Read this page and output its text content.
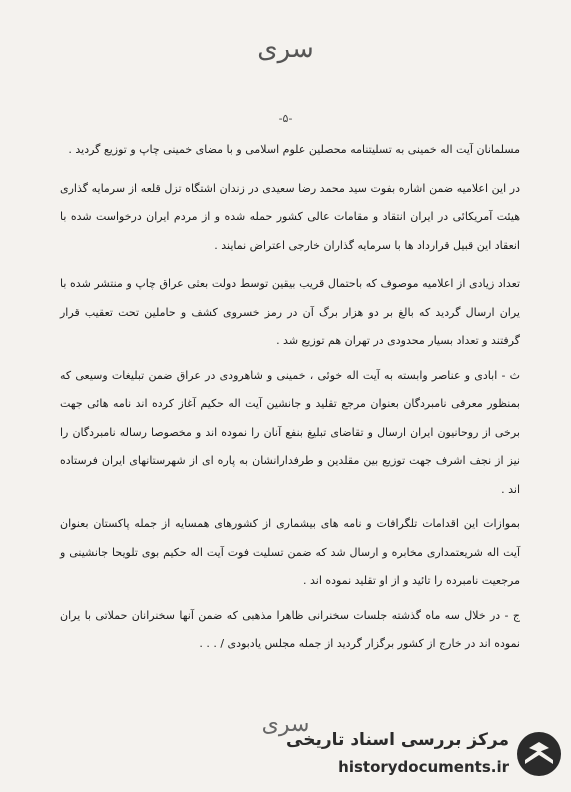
سری
-۵-

مسلمانان آیت اله خمینی به تسلیتنامه محصلین علوم اسلامی و با مضای خمینی چاپ و توزیع گردید .

در این اعلامیه ضمن اشاره بفوت سید محمد رضا سعیدی در زندان اشتگاه تزل قلعه از سرمایه گذاری هیئت آمریکائی در ایران انتقاد و مقامات عالی کشور حمله شده و از مردم ایران درخواست شده با انعقاد این قبیل قرارداد ها با سرمایه گذاران خارجی اعتراض نمایند .

تعداد زیادی از اعلامیه موصوف که باحتمال قریب بیقین توسط دولت بعثی عراق چاپ و منتشر شده با یران ارسال گردید که بالغ بر دو هزار برگ آن در رمز خسروی کشف و حاملین تحت تعقیب قرار گرفتند و تعداد بسیار محدودی در تهران هم توزیع شد .

ث - ابادی و عناصر وابسته به آیت اله خوئی ، خمینی و شاهرودی در عراق ضمن تبلیغات وسیعی که بمنظور معرفی نامبردگان بعنوان مرجع تقلید و جانشین آیت اله حکیم آغاز کرده اند نامه هائی جهت برخی از روحانیون ایران ارسال و تقاضای تبلیغ بنفع آنان را نموده اند و مخصوصا رساله نامبردگان را نیز از نجف اشرف جهت توزیع بین مقلدین و طرفدارانشان به پاره ای از شهرستانهای ایران فرستاده اند .

بموازات این اقدامات تلگرافات و نامه های بیشماری از کشورهای همسایه از جمله پاکستان بعنوان آیت اله شریعتمداری مخابره و ارسال شد که ضمن تسلیت فوت آیت اله حکیم بوی تلویحا جانشینی و مرجعیت نامبرده را تائید و از او تقلید نموده اند .

ج - در خلال سه ماه گذشته جلسات سخنرانی ظاهرا مذهبی که ضمن آنها سخنرانان حملاتی با یران نموده اند در خارج از کشور برگزار گردید از جمله مجلس یادبودی / . . .

سری
مرکز بررسی اسناد تاریخی
historydocuments.ir
